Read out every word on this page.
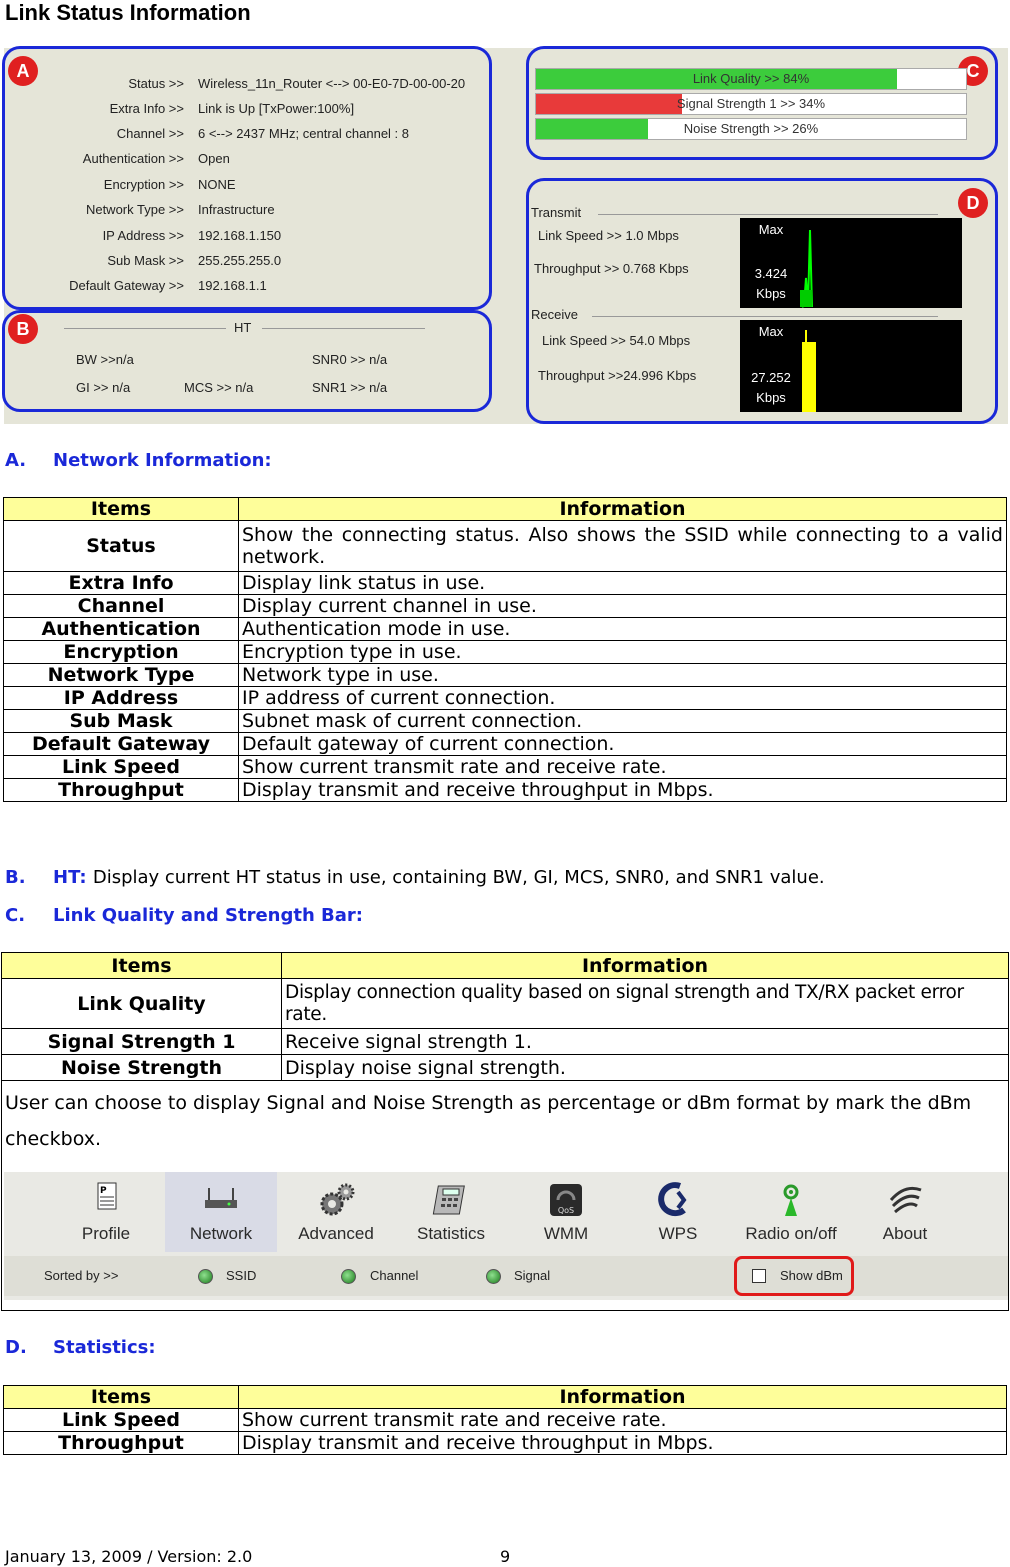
Link Status Information
A
Status >> Wireless_11n_Router <--> 00-E0-7D-00-00-20
Extra Info >> Link is Up [TxPower:100%]
Channel >> 6 <--> 2437 MHz; central channel : 8
Authentication >> Open
Encryption >> NONE
Network Type >> Infrastructure
IP Address >> 192.168.1.150
Sub Mask >> 255.255.255.0
Default Gateway >> 192.168.1.1
B	HT
BW >>n/a	SNR0 >> n/a
GI >> n/a	MCS >> n/a	SNR1 >> n/a
C
Link Quality >> 84%
Signal Strength 1 >> 34%
Noise Strength >> 26%
D
Transmit
Link Speed >> 1.0 Mbps
Throughput >> 0.768 Kbps
Max
3.424
Kbps
Receive
Link Speed >> 54.0 Mbps
Throughput >>24.996 Kbps
Max
27.252
Kbps
A. Network Information:
Items	Information
Status	Show the connecting status. Also shows the SSID while connecting to a valid network.
Extra Info	Display link status in use.
Channel	Display current channel in use.
Authentication	Authentication mode in use.
Encryption	Encryption type in use.
Network Type	Network type in use.
IP Address	IP address of current connection.
Sub Mask	Subnet mask of current connection.
Default Gateway	Default gateway of current connection.
Link Speed	Show current transmit rate and receive rate.
Throughput	Display transmit and receive throughput in Mbps.
B. HT: Display current HT status in use, containing BW, GI, MCS, SNR0, and SNR1 value.
C. Link Quality and Strength Bar:
Items	Information
Link Quality	Display connection quality based on signal strength and TX/RX packet error rate.
Signal Strength 1	Receive signal strength 1.
Noise Strength	Display noise signal strength.

User can choose to display Signal and Noise Strength as percentage or dBm format by mark the dBm checkbox.	
P
Profile	Network	Advanced	Statistics
QoS
WMM	WPS	Radio on/off	About
Sorted by >>	SSID	Channel	Signal	Show dBm
D. Statistics:
Items	Information
Link Speed	Show current transmit rate and receive rate.
Throughput	Display transmit and receive throughput in Mbps.
January 13, 2009 / Version: 2.0	9
